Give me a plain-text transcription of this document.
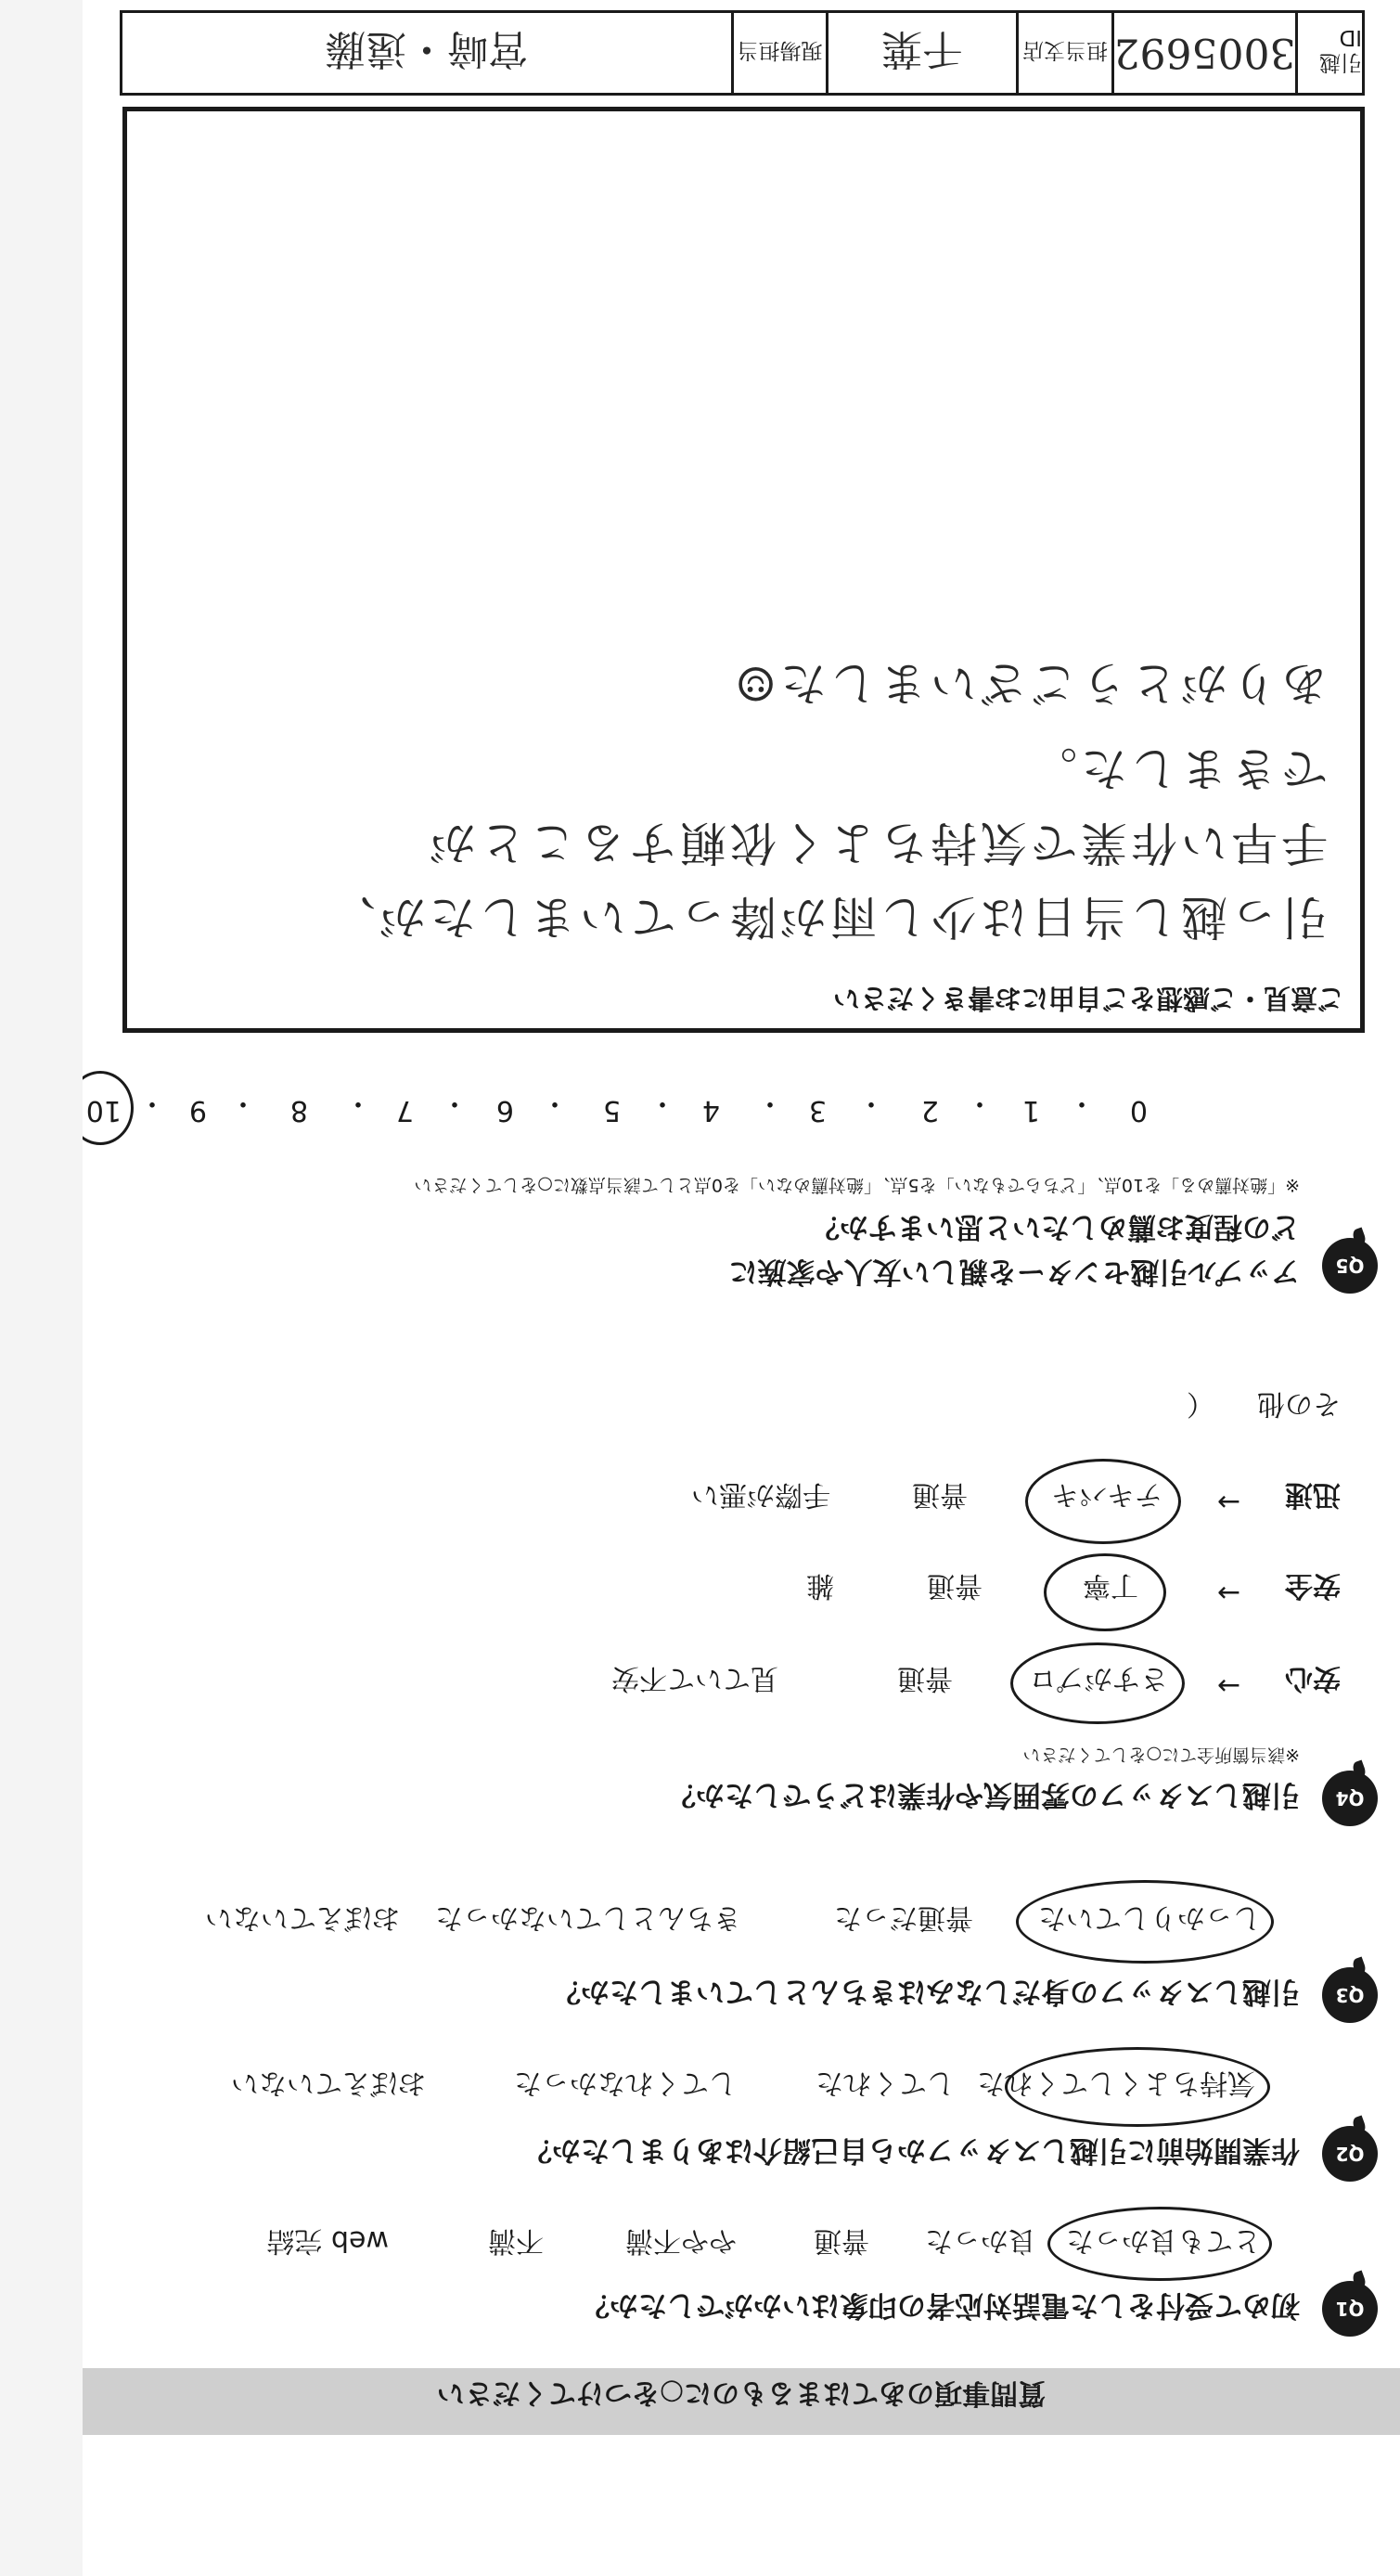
質問事項のあてはまるものに○をつけてください
Q1
初めて受付をした電話対応者の印象はいかがでしたか？
とても良かった
良かった
普通
やや不満
不満
web 完結
Q2
作業開始前に引越しスタッフから自己紹介はありましたか？
気持ちよくしてくれた
してくれた
してくれなかった
おぼえていない
Q3
引越しスタッフの身だしなみはきちんとしていましたか？
しっかりしていた
普通だった
きちんとしていなかった
おぼえていない
Q4
引越しスタッフの雰囲気や作業はどうでしたか？
※該当箇所全てに○をしてください
安心
→
さすがプロ
普通
見ていて不安
安全
→
丁寧
普通
雑
迅速
→
テキパキ
普通
手際が悪い
その他
（
Q5
アップル引越センターを親しい友人や家族に
どの程度お薦めしたいと思いますか？
※「絶対薦める」を10点、「どちらでもない」を5点、「絶対薦めない」を0点として該当点数に○をしてください
10 ・ 9 ・ 8 ・ 7 ・ 6 ・ 5 ・ 4 ・ 3 ・ 2 ・ 1 ・ 0
ご意見・ご感想をご自由にお書きください
引っ越し当日は少し雨が降っていましたが、
手早い作業で気持ちよく依頼することが
できました。
ありがとうございました☺
引越ID
3005692
担当支店
千葉
現場担当
宮﨑・遠藤
